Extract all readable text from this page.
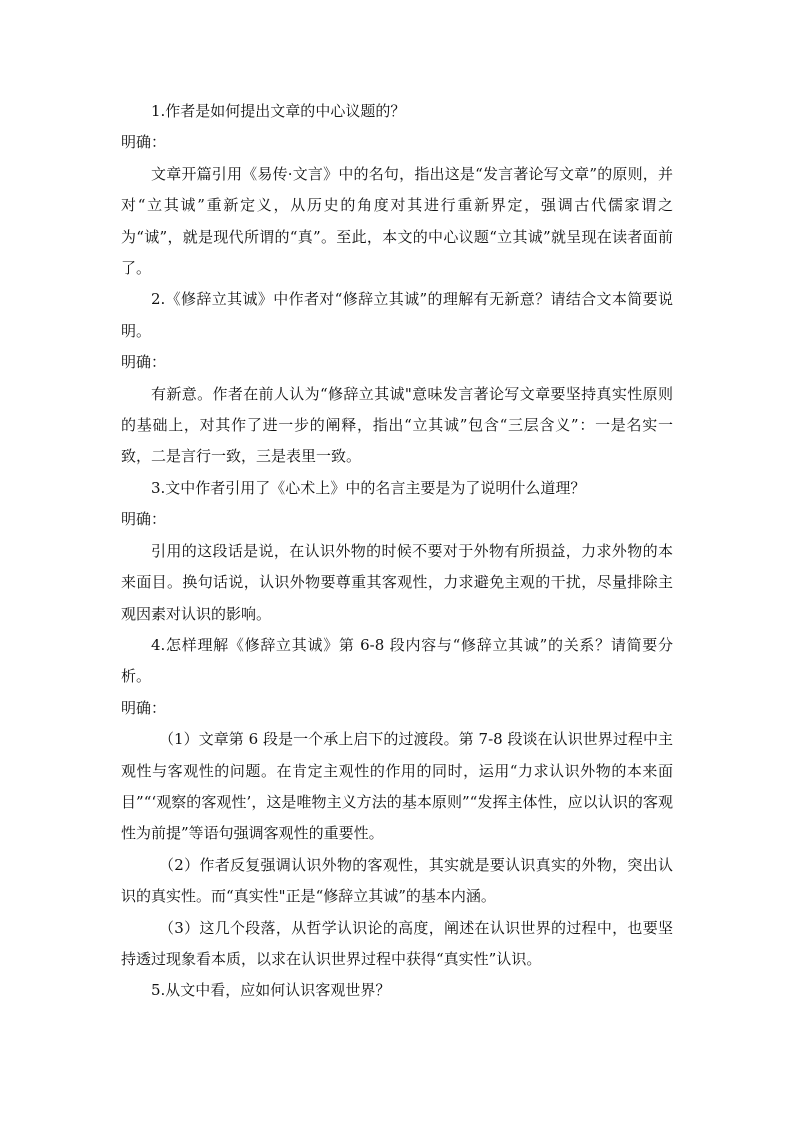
1.作者是如何提出文章的中心议题的？

明确：

文章开篇引用《易传·文言》中的名句，指出这是“发言著论写文章”的原则，并对“立其诚”重新定义，从历史的角度对其进行重新界定，强调古代儒家谓之为“诚”，就是现代所谓的“真”。至此，本文的中心议题“立其诚”就呈现在读者面前了。

2.《修辞立其诚》中作者对“修辞立其诚”的理解有无新意？请结合文本简要说明。

明确：

有新意。作者在前人认为“修辞立其诚"意味发言著论写文章要坚持真实性原则的基础上，对其作了进一步的阐释，指出“立其诚”包含“三层含义”：一是名实一致，二是言行一致，三是表里一致。

3.文中作者引用了《心术上》中的名言主要是为了说明什么道理？

明确：

引用的这段话是说，在认识外物的时候不要对于外物有所损益，力求外物的本来面目。换句话说，认识外物要尊重其客观性，力求避免主观的干扰，尽量排除主观因素对认识的影响。

4.怎样理解《修辞立其诚》第 6-8 段内容与“修辞立其诚”的关系？请简要分析。

明确：

（1）文章第 6 段是一个承上启下的过渡段。第 7-8 段谈在认识世界过程中主观性与客观性的问题。在肯定主观性的作用的同时，运用“力求认识外物的本来面目”“‘观察的客观性’，这是唯物主义方法的基本原则”“发挥主体性，应以认识的客观性为前提”等语句强调客观性的重要性。

（2）作者反复强调认识外物的客观性，其实就是要认识真实的外物，突出认识的真实性。而“真实性"正是“修辞立其诚”的基本内涵。

（3）这几个段落，从哲学认识论的高度，阐述在认识世界的过程中，也要坚持透过现象看本质，以求在认识世界过程中获得“真实性”认识。

5.从文中看，应如何认识客观世界？
